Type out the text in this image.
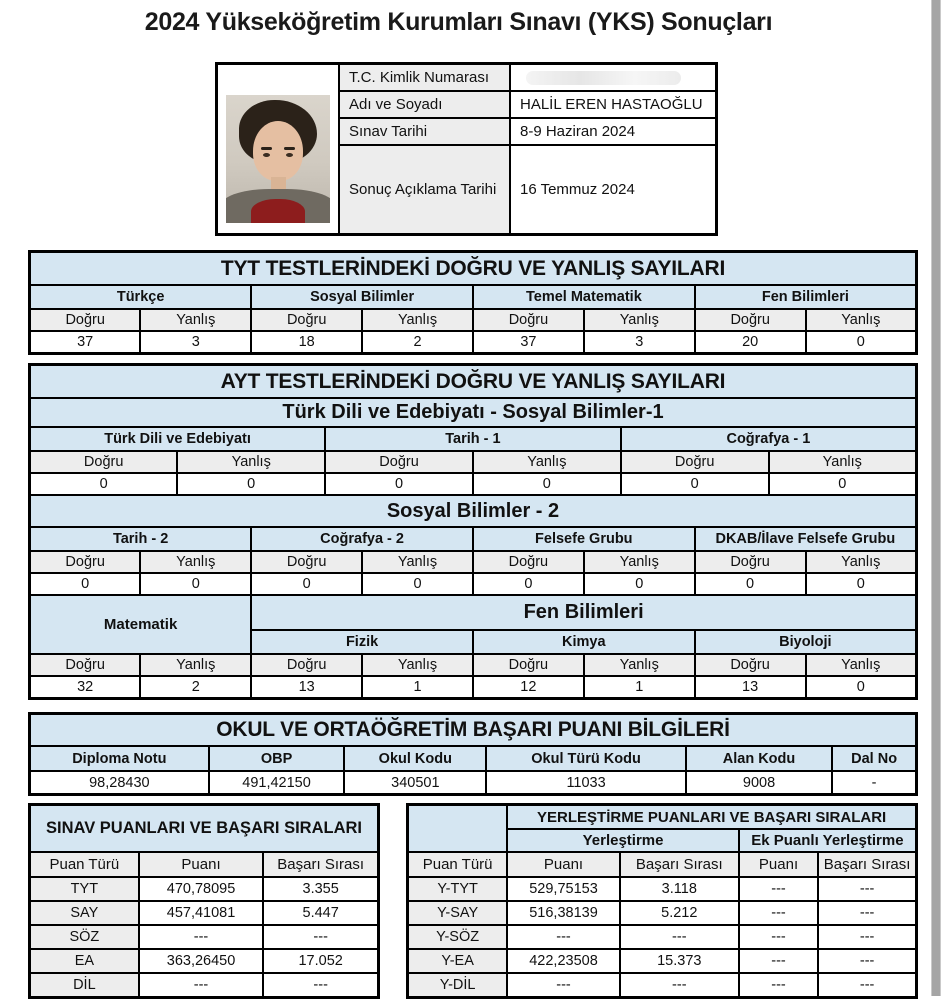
2024 Yükseköğretim Kurumları Sınavı (YKS) Sonuçları
	T.C. Kimlik Numarası	

	Adı ve Soyadı	HALİL EREN HASTAOĞLU
	Sınav Tarihi	8-9 Haziran 2024
	Sonuç Açıklama Tarihi	16 Temmuz 2024
TYT TESTLERİNDEKİ DOĞRU VE YANLIŞ SAYILARI							
Türkçe		Sosyal Bilimler		Temel Matematik		Fen Bilimleri	
Doğru	Yanlış	Doğru	Yanlış	Doğru	Yanlış	Doğru	Yanlış
37	3	18	2	37	3	20	0
AYT TESTLERİNDEKİ DOĞRU VE YANLIŞ SAYILARI											
Türk Dili ve Edebiyatı - Sosyal Bilimler-1											
Türk Dili ve Edebiyatı				Tarih - 1				Coğrafya - 1			
Doğru		Yanlış		Doğru		Yanlış		Doğru		Yanlış	
0		0		0		0		0		0	
Sosyal Bilimler - 2											
Tarih - 2			Coğrafya - 2			Felsefe Grubu			DKAB/İlave Felsefe Grubu		
Doğru	Yanlış		Doğru		Yanlış	Doğru	Yanlış		Doğru		Yanlış
0	0		0		0	0	0		0		0
Matematik			Fen Bilimleri								
			Fizik			Kimya			Biyoloji		
Doğru	Yanlış		Doğru		Yanlış	Doğru	Yanlış		Doğru		Yanlış
32	2		13		1	12	1		13		0
OKUL VE ORTAÖĞRETİM BAŞARI PUANI BİLGİLERİ					
Diploma Notu	OBP	Okul Kodu	Okul Türü Kodu	Alan Kodu	Dal No
98,28430	491,42150	340501	11033	9008	-
SINAV PUANLARI VE BAŞARI SIRALARI		
Puan Türü	Puanı	Başarı Sırası
TYT	470,78095	3.355
SAY	457,41081	5.447
SÖZ	---	---
EA	363,26450	17.052
DİL	---	---
	YERLEŞTİRME PUANLARI VE BAŞARI SIRALARI			
	Yerleştirme		Ek Puanlı Yerleştirme	
Puan Türü	Puanı	Başarı Sırası	Puanı	Başarı Sırası
Y-TYT	529,75153	3.118	---	---
Y-SAY	516,38139	5.212	---	---
Y-SÖZ	---	---	---	---
Y-EA	422,23508	15.373	---	---
Y-DİL	---	---	---	---
